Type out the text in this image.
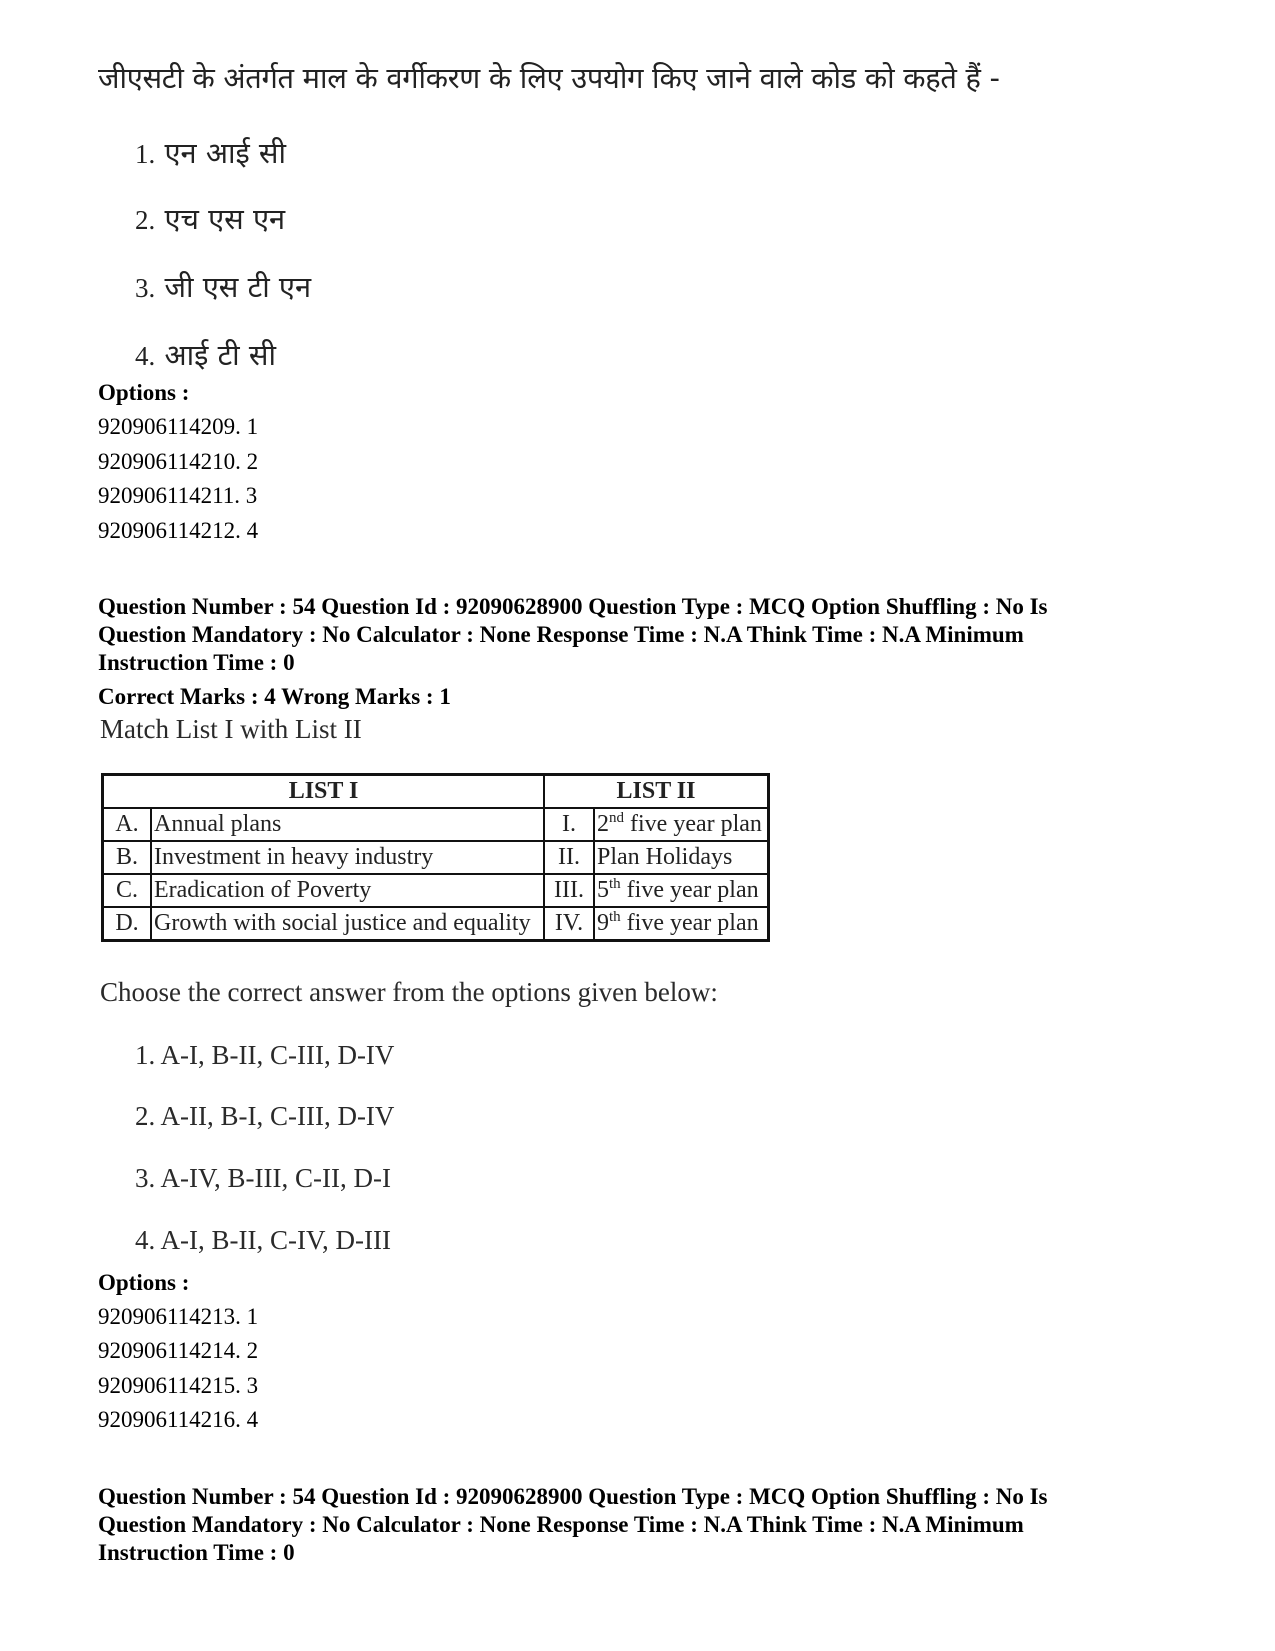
जीएसटी के अंतर्गत माल के वर्गीकरण के लिए उपयोग किए जाने वाले कोड को कहते हैं -
1. एन आई सी
2. एच एस एन
3. जी एस टी एन
4. आई टी सी
Options :
920906114209. 1
920906114210. 2
920906114211. 3
920906114212. 4
Question Number : 54 Question Id : 92090628900 Question Type : MCQ Option Shuffling : No Is
Question Mandatory : No Calculator : None Response Time : N.A Think Time : N.A Minimum
Instruction Time : 0
Correct Marks : 4 Wrong Marks : 1
Match List I with List II
LIST I		LIST II	
A.	Annual plans	I.	2nd five year plan
B.	Investment in heavy industry	II.	Plan Holidays
C.	Eradication of Poverty	III.	5th five year plan
D.	Growth with social justice and equality	IV.	9th five year plan
Choose the correct answer from the options given below:
1. A-I, B-II, C-III, D-IV
2. A-II, B-I, C-III, D-IV
3. A-IV, B-III, C-II, D-I
4. A-I, B-II, C-IV, D-III
Options :
920906114213. 1
920906114214. 2
920906114215. 3
920906114216. 4
Question Number : 54 Question Id : 92090628900 Question Type : MCQ Option Shuffling : No Is
Question Mandatory : No Calculator : None Response Time : N.A Think Time : N.A Minimum
Instruction Time : 0
